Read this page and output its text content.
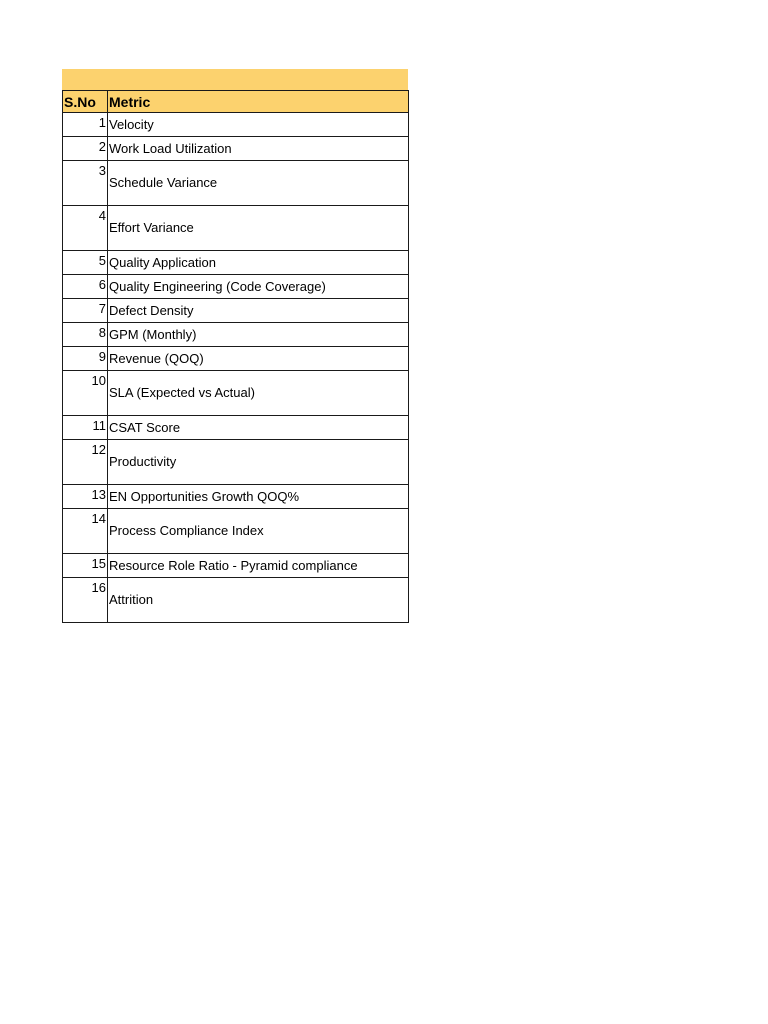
S.No	Metric
1	Velocity
2	Work Load Utilization
3	Schedule Variance
4	Effort Variance
5	Quality Application
6	Quality Engineering (Code Coverage)
7	Defect Density
8	GPM (Monthly)
9	Revenue (QOQ)
10	SLA (Expected vs Actual)
11	CSAT Score
12	Productivity
13	EN Opportunities Growth QOQ%
14	Process Compliance Index
15	Resource Role Ratio - Pyramid compliance
16	Attrition
